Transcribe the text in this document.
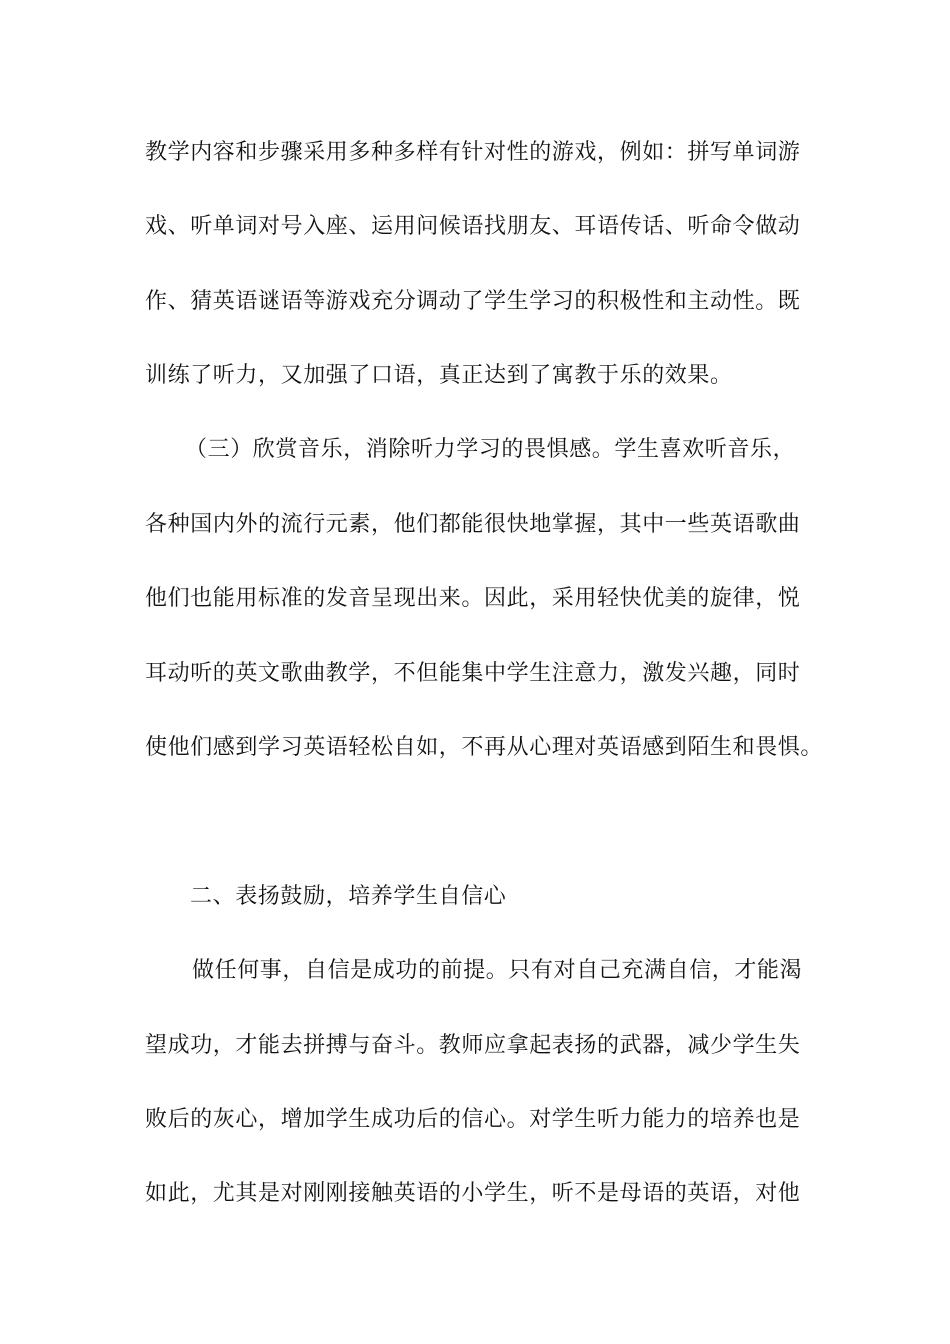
教学内容和步骤采用多种多样有针对性的游戏，例如：拼写单词游
戏、听单词对号入座、运用问候语找朋友、耳语传话、听命令做动
作、猜英语谜语等游戏充分调动了学生学习的积极性和主动性。既
训练了听力，又加强了口语，真正达到了寓教于乐的效果。
（三）欣赏音乐，消除听力学习的畏惧感。学生喜欢听音乐，
各种国内外的流行元素，他们都能很快地掌握，其中一些英语歌曲
他们也能用标准的发音呈现出来。因此，采用轻快优美的旋律，悦
耳动听的英文歌曲教学，不但能集中学生注意力，激发兴趣，同时
使他们感到学习英语轻松自如，不再从心理对英语感到陌生和畏惧。
二、表扬鼓励，培养学生自信心
做任何事，自信是成功的前提。只有对自己充满自信，才能渴
望成功，才能去拼搏与奋斗。教师应拿起表扬的武器，减少学生失
败后的灰心，增加学生成功后的信心。对学生听力能力的培养也是
如此，尤其是对刚刚接触英语的小学生，听不是母语的英语，对他
